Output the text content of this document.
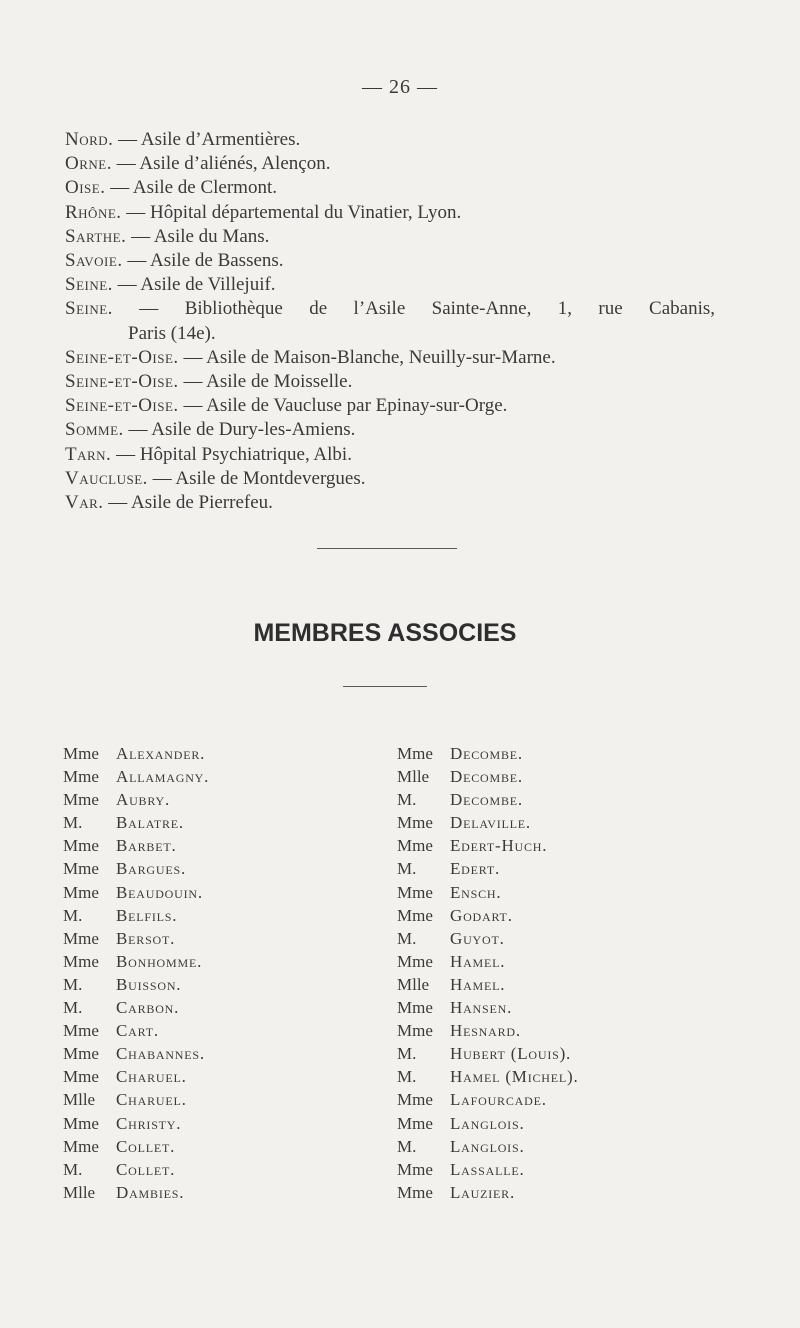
— 26 —
Nord. — Asile d’Armentières.
Orne. — Asile d’aliénés, Alençon.
Oise. — Asile de Clermont.
Rhône. — Hôpital départemental du Vinatier, Lyon.
Sarthe. — Asile du Mans.
Savoie. — Asile de Bassens.
Seine. — Asile de Villejuif.
Seine. — Bibliothèque de l’Asile Sainte-Anne, 1, rue Cabanis,
Paris (14e).
Seine-et-Oise. — Asile de Maison-Blanche, Neuilly-sur-Marne.
Seine-et-Oise. — Asile de Moisselle.
Seine-et-Oise. — Asile de Vaucluse par Epinay-sur-Orge.
Somme. — Asile de Dury-les-Amiens.
Tarn. — Hôpital Psychiatrique, Albi.
Vaucluse. — Asile de Montdevergues.
Var. — Asile de Pierrefeu.
MEMBRES ASSOCIES
Mme Alexander.
Mme Allamagny.
Mme Aubry.
M. Balatre.
Mme Barbet.
Mme Bargues.
Mme Beaudouin.
M. Belfils.
Mme Bersot.
Mme Bonhomme.
M. Buisson.
M. Carbon.
Mme Cart.
Mme Chabannes.
Mme Charuel.
Mlle Charuel.
Mme Christy.
Mme Collet.
M. Collet.
Mlle Dambies.
Mme Decombe.
Mlle Decombe.
M. Decombe.
Mme Delaville.
Mme Edert-Huch.
M. Edert.
Mme Ensch.
Mme Godart.
M. Guyot.
Mme Hamel.
Mlle Hamel.
Mme Hansen.
Mme Hesnard.
M. Hubert (Louis).
M. Hamel (Michel).
Mme Lafourcade.
Mme Langlois.
M. Langlois.
Mme Lassalle.
Mme Lauzier.
